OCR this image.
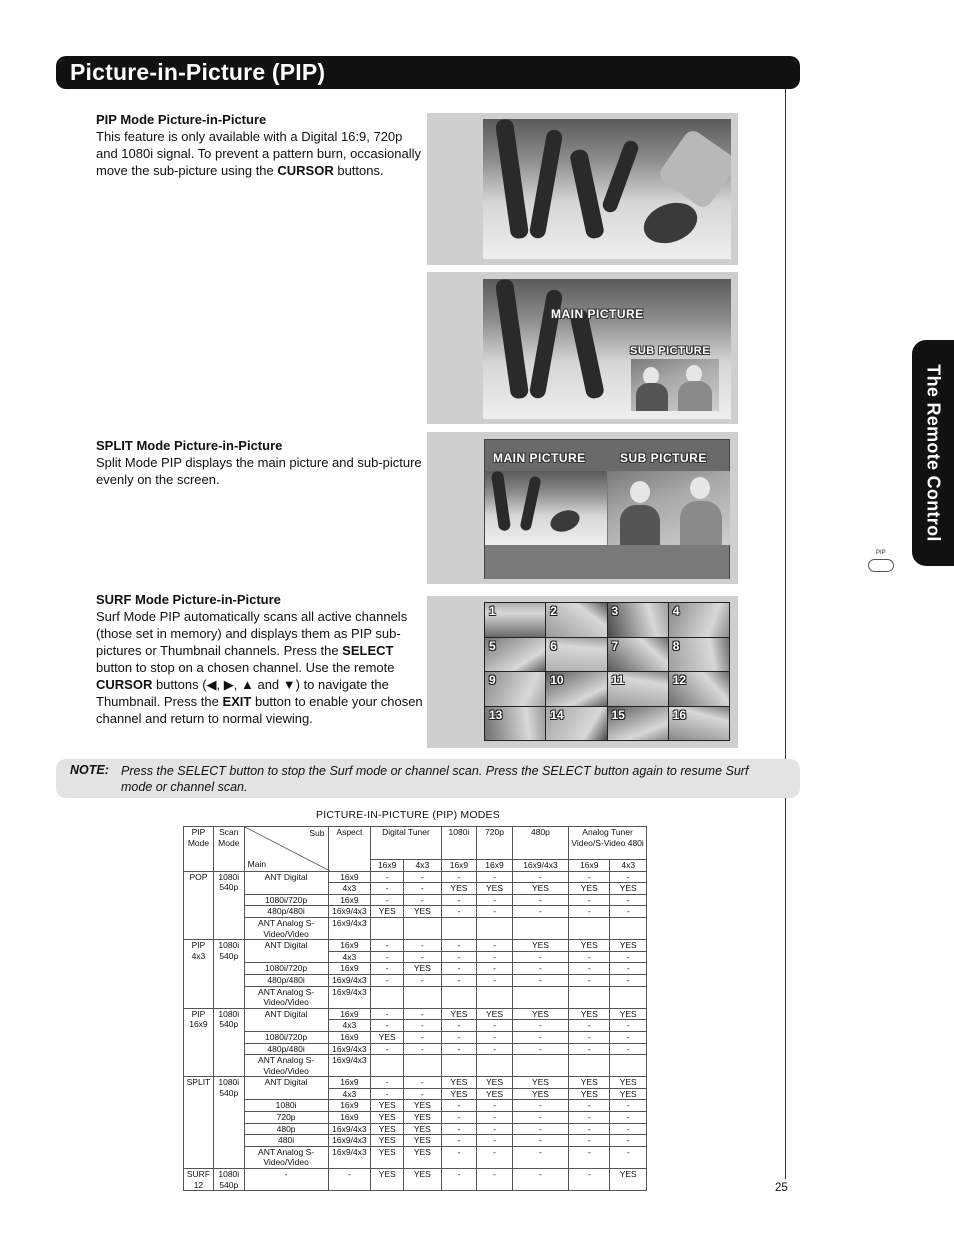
Picture-in-Picture (PIP)
The Remote Control
PIP Mode Picture-in-Picture
This feature is only available with a Digital 16:9, 720p and 1080i signal. To prevent a pattern burn, occasionally move the sub-picture using the CURSOR buttons.
PIP
MAIN PICTURE
SUB PICTURE
SPLIT Mode Picture-in-Picture
Split Mode PIP displays the main picture and sub-picture evenly on the screen.
MAIN PICTURE	SUB PICTURE
SURF Mode Picture-in-Picture
Surf Mode PIP automatically scans all active channels (those set in memory) and displays them as PIP sub-pictures or Thumbnail channels. Press the SELECT button to stop on a chosen channel. Use the remote CURSOR buttons (◀, ▶, ▲ and ▼) to navigate the Thumbnail. Press the EXIT button to enable your chosen channel and return to normal viewing.
1	2	3	4
5	6	7	8
9	10	11	12
13	14	15	16
NOTE: Press the SELECT button to stop the Surf mode or channel scan. Press the SELECT button again to resume Surf mode or channel scan.
PICTURE-IN-PICTURE (PIP) MODES
PIP Mode	Scan Mode	Sub
Main	Aspect	Digital Tuner		1080i	720p	480p	Analog Tuner Video/S-Video 480i	
				16x9	4x3	16x9	16x9	16x9/4x3	16x9	4x3
POP	1080i 540p	ANT Digital	16x9	-	-	-	-	-	-	-
			4x3	-	-	YES	YES	YES	YES	YES
		1080i/720p	16x9	-	-	-	-	-	-	-
		480p/480i	16x9/4x3	YES	YES	-	-	-	-	-
		ANT Analog S-Video/Video	16x9/4x3							
PIP 4x3	1080i 540p	ANT Digital	16x9	-	-	-	-	YES	YES	YES
			4x3	-	-	-	-	-	-	-
		1080i/720p	16x9	-	YES	-	-	-	-	-
		480p/480i	16x9/4x3	-	-	-	-	-	-	-
		ANT Analog S-Video/Video	16x9/4x3							
PIP 16x9	1080i 540p	ANT Digital	16x9	-	-	YES	YES	YES	YES	YES
			4x3	-	-	-	-	-	-	-
		1080i/720p	16x9	YES	-	-	-	-	-	-
		480p/480i	16x9/4x3	-	-	-	-	-	-	-
		ANT Analog S-Video/Video	16x9/4x3							
SPLIT	1080i 540p	ANT Digital	16x9	-	-	YES	YES	YES	YES	YES
			4x3	-	-	YES	YES	YES	YES	YES
		1080i	16x9	YES	YES	-	-	-	-	-
		720p	16x9	YES	YES	-	-	-	-	-
		480p	16x9/4x3	YES	YES	-	-	-	-	-
		480i	16x9/4x3	YES	YES	-	-	-	-	-
		ANT Analog S-Video/Video	16x9/4x3	YES	YES	-	-	-	-	-
SURF 12	1080i 540p	-	-	YES	YES	-	-	-	-	YES
25
